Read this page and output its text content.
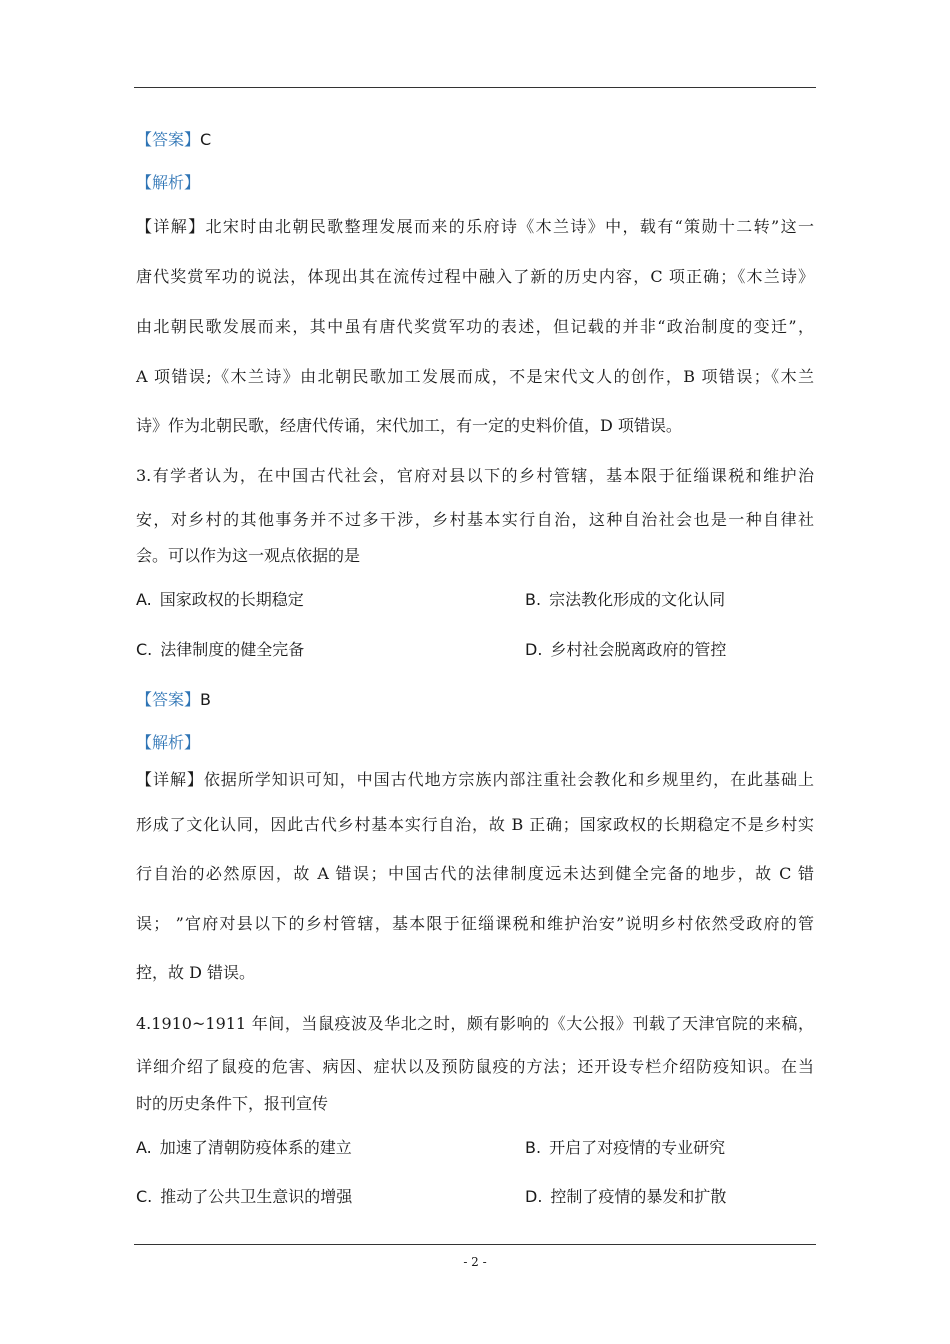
【答案】C
【解析】
【详解】北宋时由北朝民歌整理发展而来的乐府诗《木兰诗》中，载有“策勋十二转”这一
唐代奖赏军功的说法，体现出其在流传过程中融入了新的历史内容，C 项正确；《木兰诗》
由北朝民歌发展而来，其中虽有唐代奖赏军功的表述，但记载的并非“政治制度的变迁”，
A 项错误;《木兰诗》由北朝民歌加工发展而成，不是宋代文人的创作，B 项错误；《木兰
诗》作为北朝民歌，经唐代传诵，宋代加工，有一定的史料价值，D 项错误。
3.有学者认为，在中国古代社会，官府对县以下的乡村管辖，基本限于征缁课税和维护治
安，对乡村的其他事务并不过多干涉，乡村基本实行自治，这种自治社会也是一种自律社
会。可以作为这一观点依据的是
A. 国家政权的长期稳定	B. 宗法教化形成的文化认同
C. 法律制度的健全完备	D. 乡村社会脱离政府的管控
【答案】B
【解析】
【详解】依据所学知识可知，中国古代地方宗族内部注重社会教化和乡规里约，在此基础上
形成了文化认同，因此古代乡村基本实行自治，故 B 正确；国家政权的长期稳定不是乡村实
行自治的必然原因，故 A 错误；中国古代的法律制度远未达到健全完备的地步，故 C 错
误； ”官府对县以下的乡村管辖，基本限于征缁课税和维护治安”说明乡村依然受政府的管
控，故 D 错误。
4.1910~1911 年间，当鼠疫波及华北之时，颇有影响的《大公报》刊载了天津官院的来稿，
详细介绍了鼠疫的危害、病因、症状以及预防鼠疫的方法；还开设专栏介绍防疫知识。在当
时的历史条件下，报刊宣传
A. 加速了清朝防疫体系的建立	B. 开启了对疫情的专业研究
C. 推动了公共卫生意识的增强	D. 控制了疫情的暴发和扩散
- 2 -
